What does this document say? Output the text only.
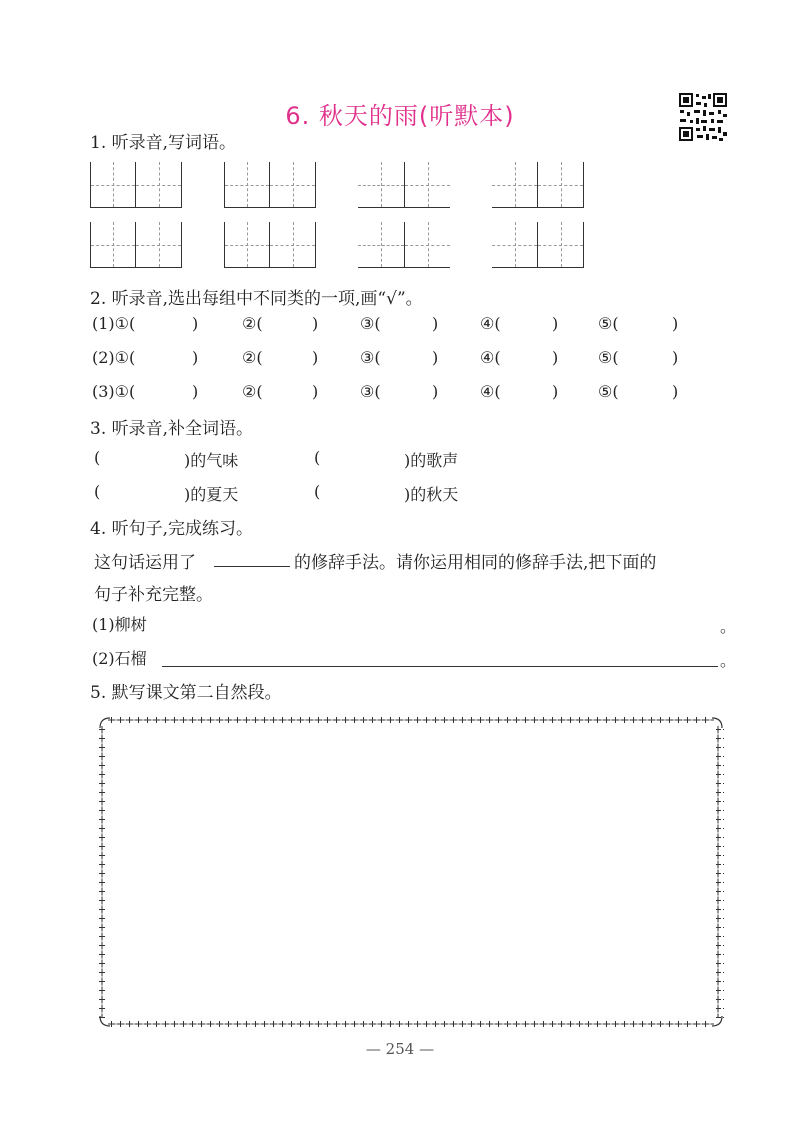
6. 秋天的雨(听默本)
1. 听录音,写词语。
2. 听录音,选出每组中不同类的一项,画“√”。
(1)①(	)	②(	)	③(	)	④(	) ⑤(	)
(2)①(	)	②(	)	③(	)	④(	) ⑤(	)
(3)①(	)	②(	)	③(	)	④(	) ⑤(	)
3. 听录音,补全词语。
(	)的气味	(	)的歌声
(	)的夏天	(	)的秋天
4. 听句子,完成练习。
这句话运用了	的修辞手法。请你运用相同的修辞手法,把下面的
句子补充完整。
(1)柳树	。
(2)石榴	。
5. 默写课文第二自然段。
— 254 —
